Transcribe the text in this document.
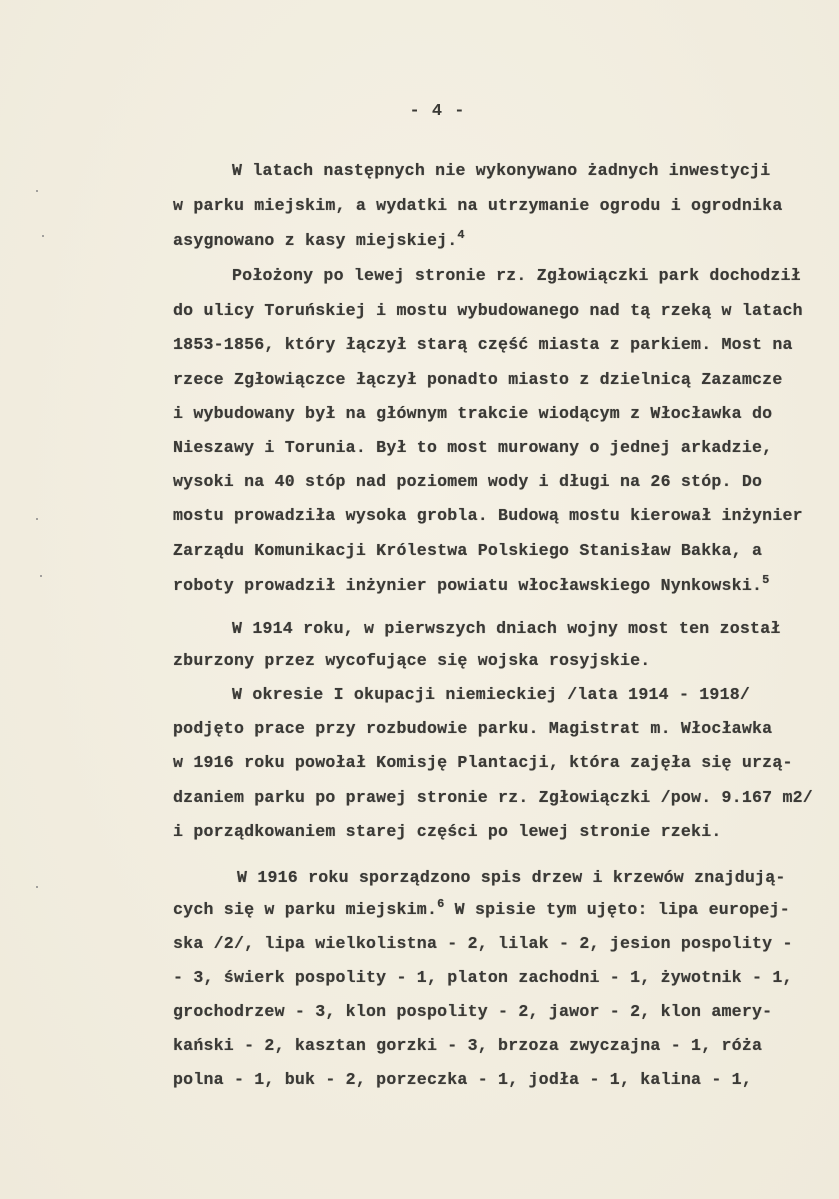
- 4 -
W latach następnych nie wykonywano żadnych inwestycji
w parku miejskim, a wydatki na utrzymanie ogrodu i ogrodnika
asygnowano z kasy miejskiej.$^4$
Położony po lewej stronie rz. Zgłowiączki park dochodził
do ulicy Toruńskiej i mostu wybudowanego nad tą rzeką w latach
1853-1856, który łączył starą część miasta z parkiem. Most na
rzece Zgłowiączce łączył ponadto miasto z dzielnicą Zazamcze
i wybudowany był na głównym trakcie wiodącym z Włocławka do
Nieszawy i Torunia. Był to most murowany o jednej arkadzie,
wysoki na 40 stóp nad poziomem wody i długi na 26 stóp. Do
mostu prowadziła wysoka grobla. Budową mostu kierował inżynier
Zarządu Komunikacji Królestwa Polskiego Stanisław Bakka, a
roboty prowadził inżynier powiatu włocławskiego Nynkowski.$^5$
W 1914 roku, w pierwszych dniach wojny most ten został
zburzony przez wycofujące się wojska rosyjskie.
W okresie I okupacji niemieckiej /lata 1914 - 1918/
podjęto prace przy rozbudowie parku. Magistrat m. Włocławka
w 1916 roku powołał Komisję Plantacji, która zajęła się urzą-
dzaniem parku po prawej stronie rz. Zgłowiączki /pow. 9.167 m2/
i porządkowaniem starej części po lewej stronie rzeki.
W 1916 roku sporządzono spis drzew i krzewów znajdują-
cych się w parku miejskim.$^6$ W spisie tym ujęto: lipa europej-
ska /2/, lipa wielkolistna - 2, lilak - 2, jesion pospolity -
- 3, świerk pospolity - 1, platon zachodni - 1, żywotnik - 1,
grochodrzew - 3, klon pospolity - 2, jawor - 2, klon amery-
kański - 2, kasztan gorzki - 3, brzoza zwyczajna - 1, róża
polna - 1, buk - 2, porzeczka - 1, jodła - 1, kalina - 1,
